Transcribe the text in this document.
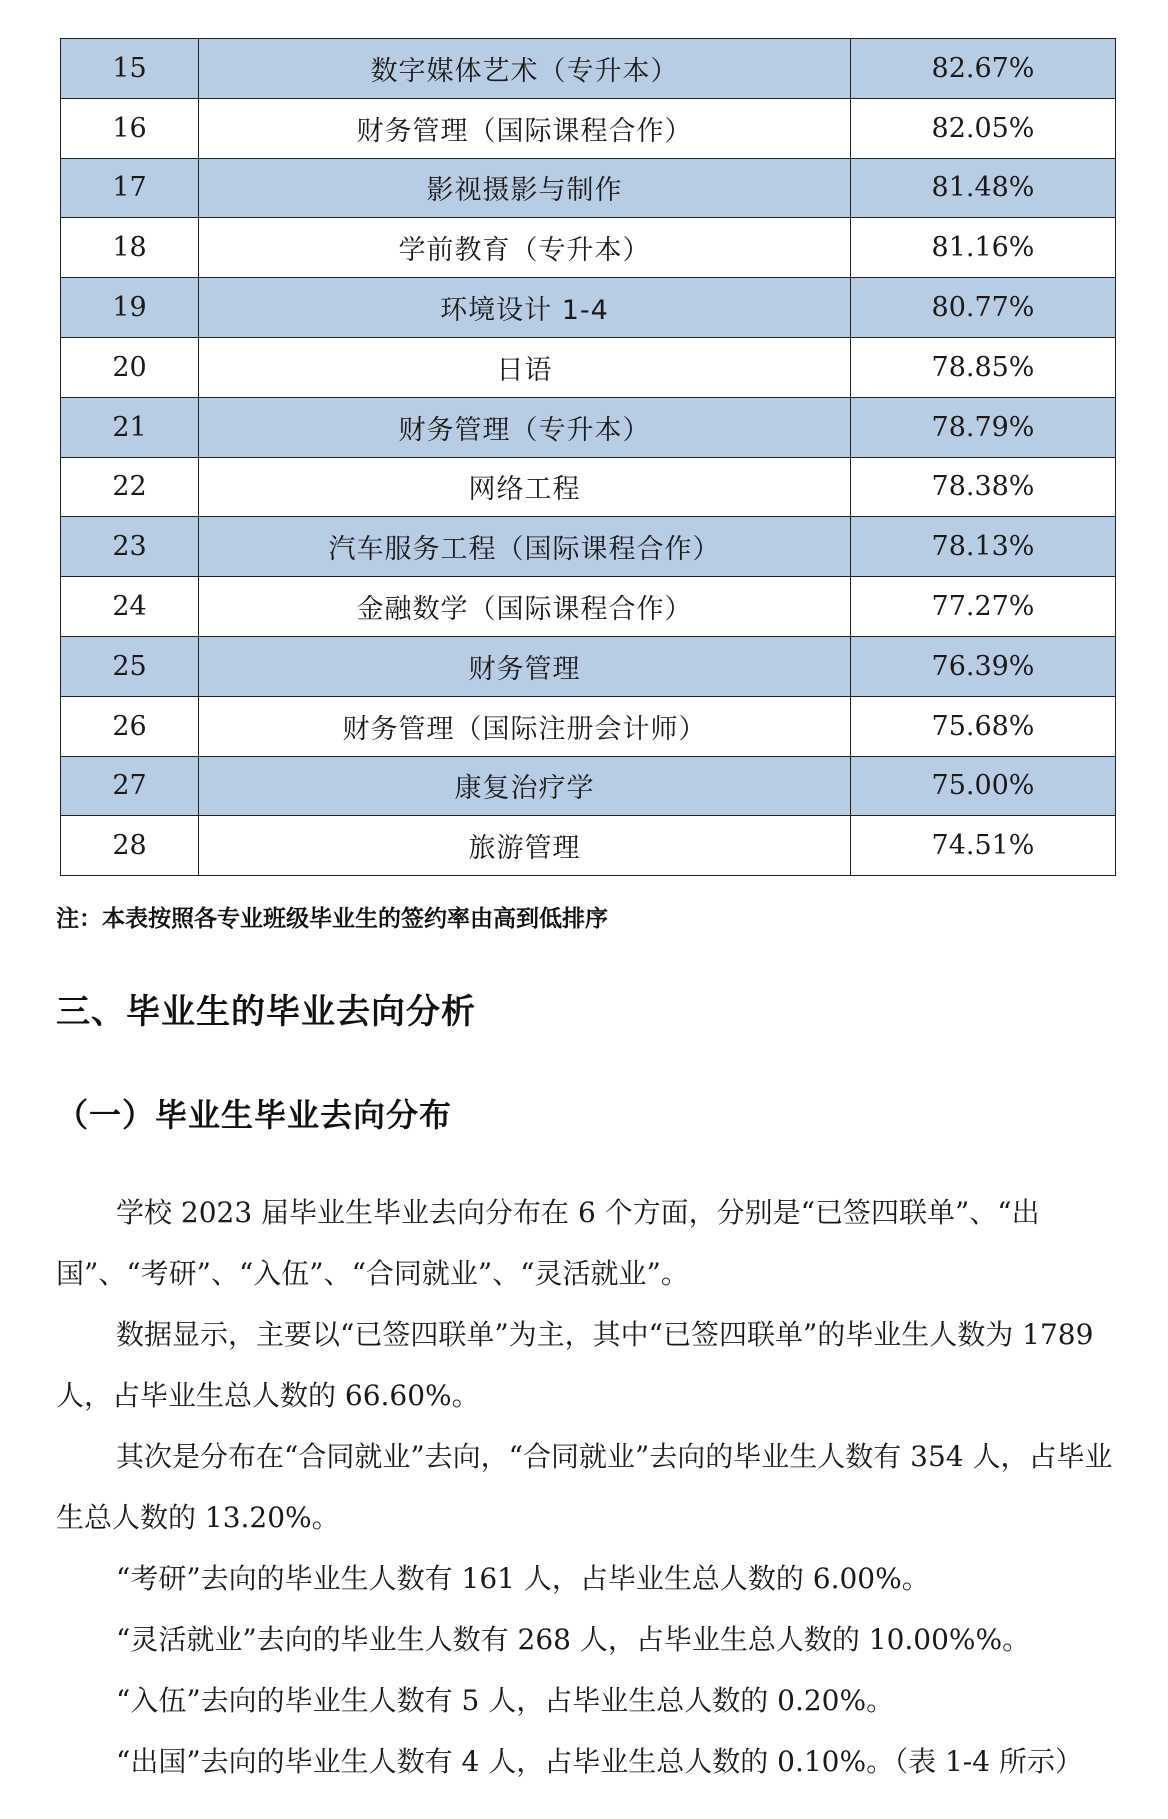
15	数字媒体艺术（专升本）	82.67%
16	财务管理（国际课程合作）	82.05%
17	影视摄影与制作	81.48%
18	学前教育（专升本）	81.16%
19	环境设计 1-4	80.77%
20	日语	78.85%
21	财务管理（专升本）	78.79%
22	网络工程	78.38%
23	汽车服务工程（国际课程合作）	78.13%
24	金融数学（国际课程合作）	77.27%
25	财务管理	76.39%
26	财务管理（国际注册会计师）	75.68%
27	康复治疗学	75.00%
28	旅游管理	74.51%
注：本表按照各专业班级毕业生的签约率由高到低排序
三、毕业生的毕业去向分析
（一）毕业生毕业去向分布

学校 2023 届毕业生毕业去向分布在 6 个方面，分别是“已签四联单”、“出国”、“考研”、“入伍”、“合同就业”、“灵活就业”。

数据显示，主要以“已签四联单”为主，其中“已签四联单”的毕业生人数为 1789 人，占毕业生总人数的 66.60%。

其次是分布在“合同就业”去向，“合同就业”去向的毕业生人数有 354 人，占毕业生总人数的 13.20%。

“考研”去向的毕业生人数有 161 人，占毕业生总人数的 6.00%。

“灵活就业”去向的毕业生人数有 268 人，占毕业生总人数的 10.00%%。

“入伍”去向的毕业生人数有 5 人，占毕业生总人数的 0.20%。

“出国”去向的毕业生人数有 4 人，占毕业生总人数的 0.10%。（表 1-4 所示）
